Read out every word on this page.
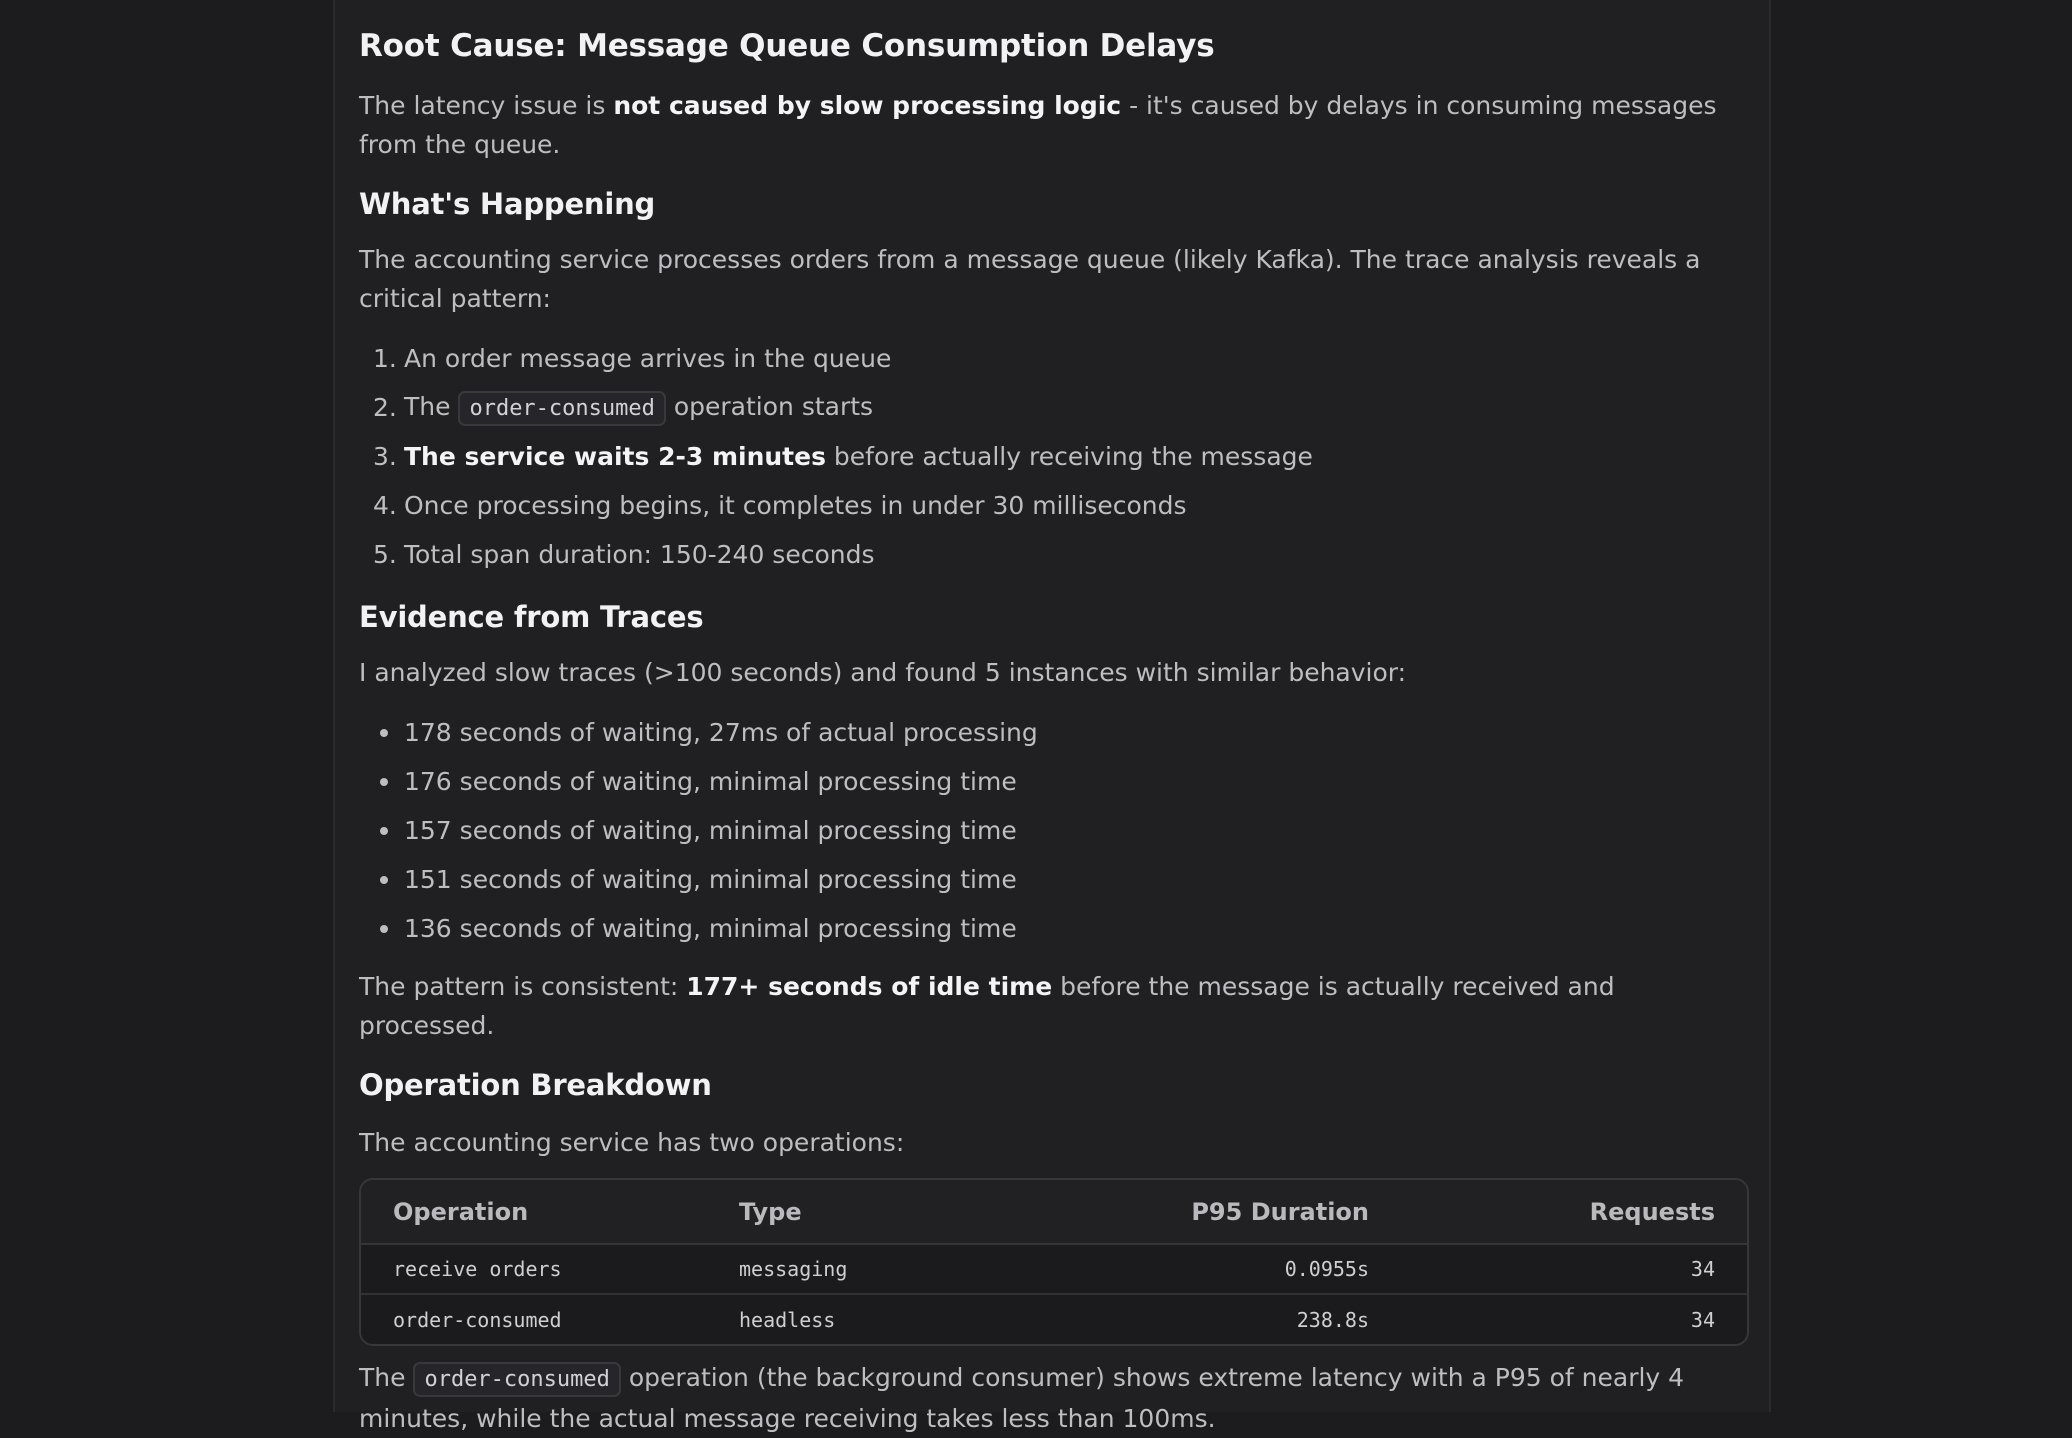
Root Cause: Message Queue Consumption Delays

The latency issue is not caused by slow processing logic - it's caused by delays in consuming messages from the queue.

What's Happening

The accounting service processes orders from a message queue (likely Kafka). The trace analysis reveals a critical pattern:

1. An order message arrives in the queue
2. The order-consumed operation starts
3. The service waits 2-3 minutes before actually receiving the message
4. Once processing begins, it completes in under 30 milliseconds
5. Total span duration: 150-240 seconds
Evidence from Traces

I analyzed slow traces (>100 seconds) and found 5 instances with similar behavior:

178 seconds of waiting, 27ms of actual processing
176 seconds of waiting, minimal processing time
157 seconds of waiting, minimal processing time
151 seconds of waiting, minimal processing time
136 seconds of waiting, minimal processing time

The pattern is consistent: 177+ seconds of idle time before the message is actually received and processed.

Operation Breakdown

The accounting service has two operations:

Operation	Type	P95 Duration	Requests
receive orders	messaging	0.0955s	34
order-consumed	headless	238.8s	34

The order-consumed operation (the background consumer) shows extreme latency with a P95 of nearly 4 minutes, while the actual message receiving takes less than 100ms.
